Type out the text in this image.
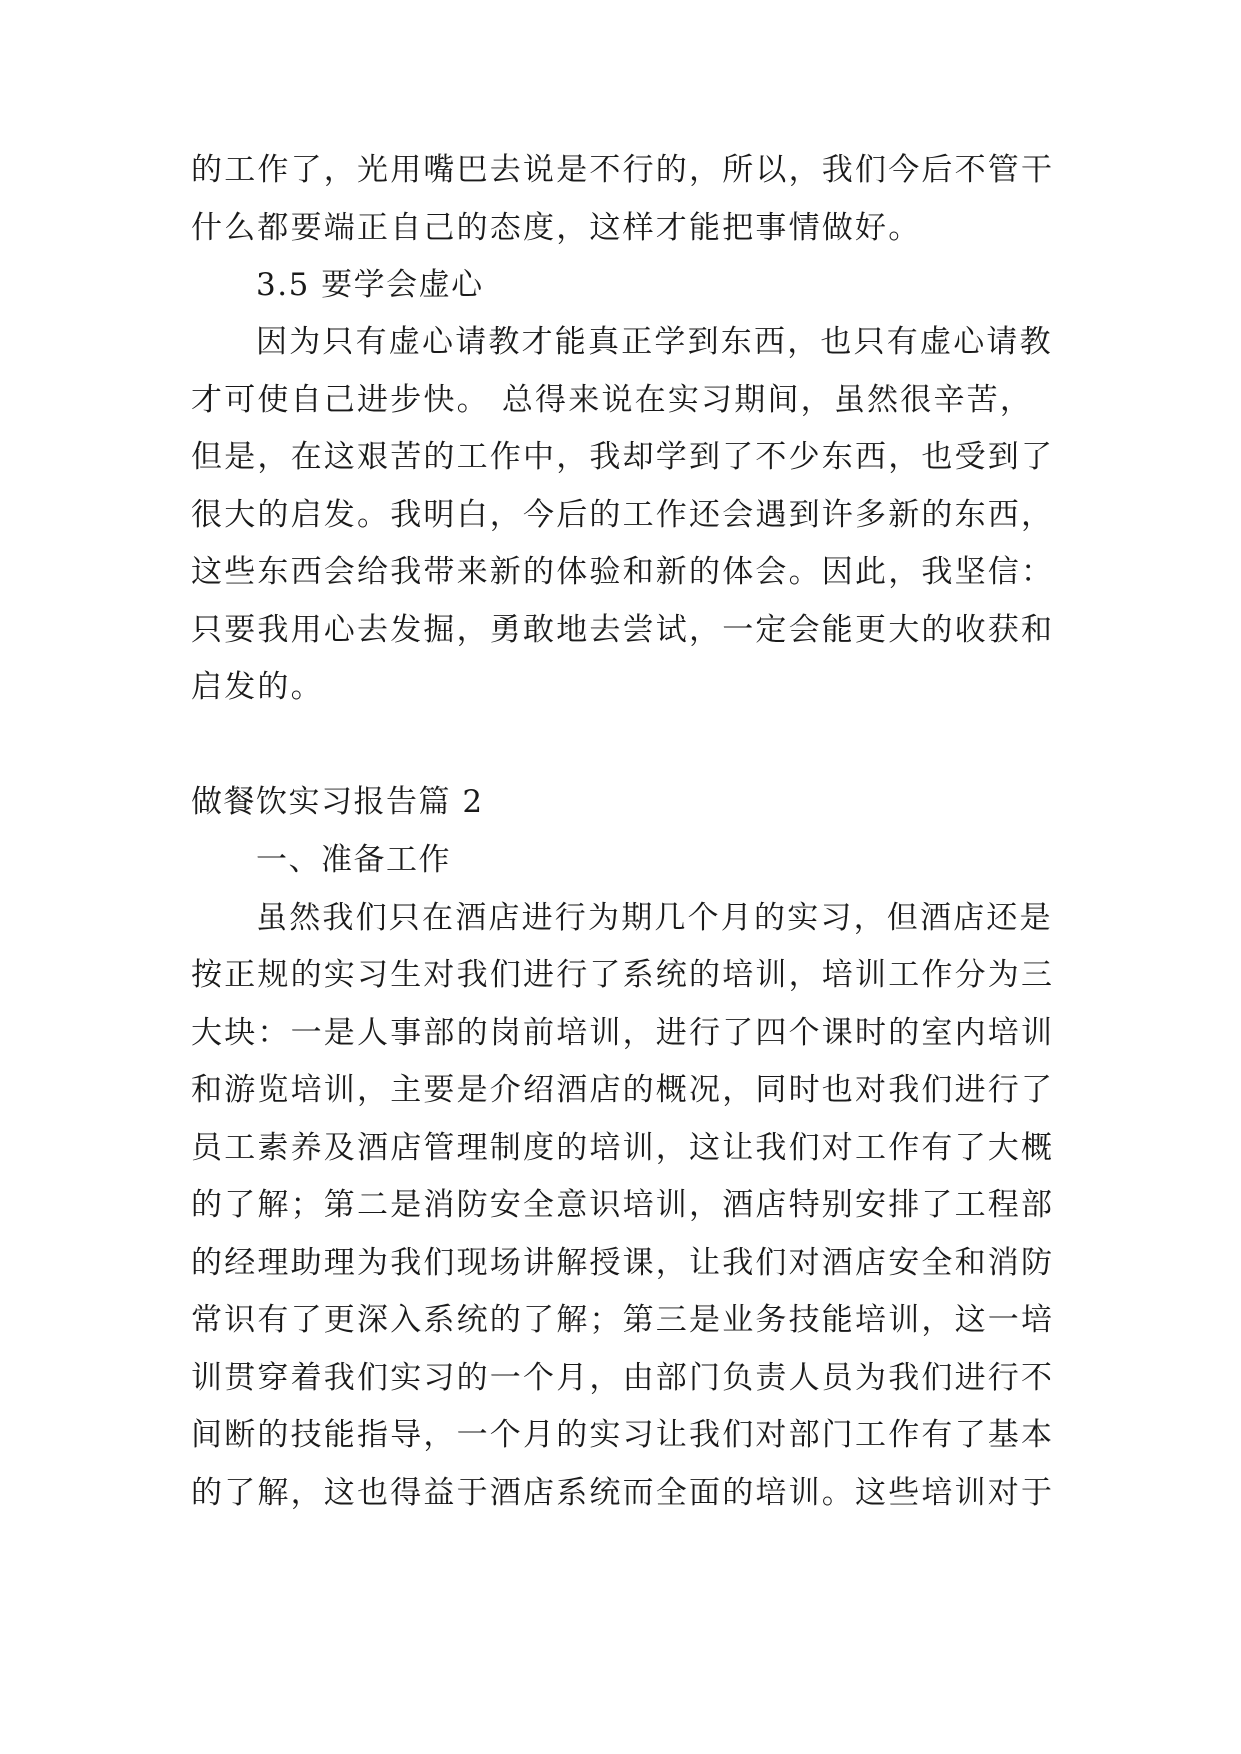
的工作了，光用嘴巴去说是不行的，所以，我们今后不管干
什么都要端正自己的态度，这样才能把事情做好。
3.5 要学会虚心
因为只有虚心请教才能真正学到东西，也只有虚心请教
才可使自己进步快。 总得来说在实习期间，虽然很辛苦，
但是，在这艰苦的工作中，我却学到了不少东西，也受到了
很大的启发。我明白，今后的工作还会遇到许多新的东西，
这些东西会给我带来新的体验和新的体会。因此，我坚信：
只要我用心去发掘，勇敢地去尝试，一定会能更大的收获和
启发的。
做餐饮实习报告篇 2
一、准备工作
虽然我们只在酒店进行为期几个月的实习，但酒店还是
按正规的实习生对我们进行了系统的培训，培训工作分为三
大块：一是人事部的岗前培训，进行了四个课时的室内培训
和游览培训，主要是介绍酒店的概况，同时也对我们进行了
员工素养及酒店管理制度的培训，这让我们对工作有了大概
的了解；第二是消防安全意识培训，酒店特别安排了工程部
的经理助理为我们现场讲解授课，让我们对酒店安全和消防
常识有了更深入系统的了解；第三是业务技能培训，这一培
训贯穿着我们实习的一个月，由部门负责人员为我们进行不
间断的技能指导，一个月的实习让我们对部门工作有了基本
的了解，这也得益于酒店系统而全面的培训。这些培训对于
